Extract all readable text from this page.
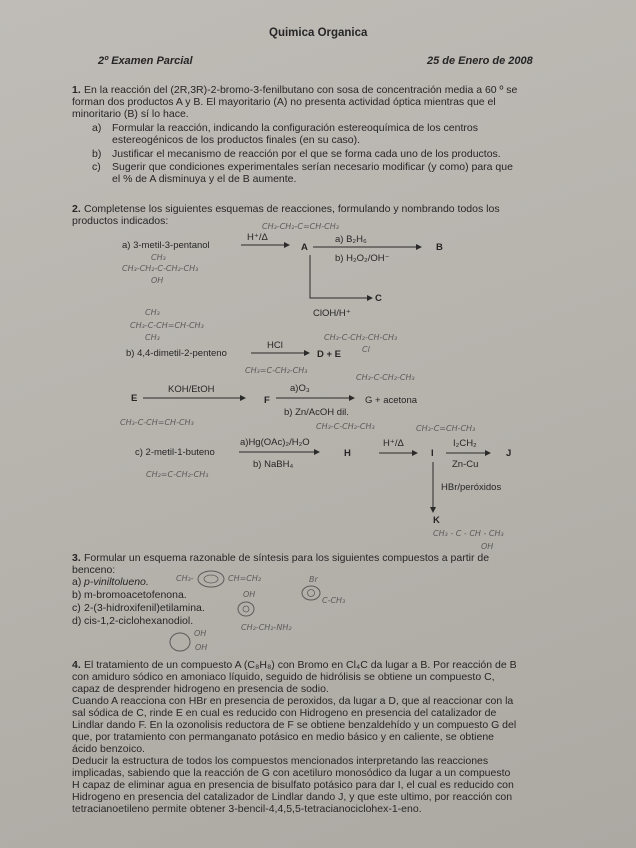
Quimica Organica
2º Examen Parcial	25 de Enero de 2008
1. En la reacción del (2R,3R)-2-bromo-3-fenilbutano con sosa de concentración media a 60 º se
forman dos productos A y B. El mayoritario (A) no presenta actividad óptica mientras que el
minoritario (B) sí lo hace.
a) Formular la reacción, indicando la configuración estereoquímica de los centros
estereogénicos de los productos finales (en su caso).
b) Justificar el mecanismo de reacción por el que se forma cada uno de los productos.
c) Sugerir que condiciones experimentales serían necesario modificar (y como) para que
el % de A disminuya y el de B aumente.
2. Completense los siguientes esquemas de reacciones, formulando y nombrando todos los
productos indicados:
a) 3-metil-3-pentanol
H⁺/Δ
→ A
a) B₂H₆
b) H₂O₂/OH⁻
B
C
ClOH/H⁺
CH₃-CH₂-C=CH-CH₃
CH₃
CH₃-CH₂-C-CH₂-CH₃
OH
CH₃
CH₃-C-CH=CH-CH₃
CH₃	CH₃-C-CH₂-CH-CH₃
Cl
b) 4,4-dimetil-2-penteno
HCl
→ D + E
CH₃=C-CH₂-CH₃
CH₃-C-CH₂-CH₃
KOH/EtOH
E	F
a)O₃
b) Zn/AcOH dil.
G + acetona
CH₃-C-CH=CH-CH₃	CH₃-C-CH₂-CH₃	CH₃-C=CH-CH₃
a)Hg(OAc)₂/H₂O
c) 2-metil-1-buteno
b) NaBH₄
H
H⁺/Δ
→ I
I₂CH₂
Zn-Cu
J
CH₂=C-CH₂-CH₃
HBr/peróxidos
K
CH₃ - C - CH - CH₃
OH
3. Formular un esquema razonable de síntesis para los siguientes compuestos a partir de
benceno:
a) p-viniltolueno.
b) m-bromoacetofenona.
c) 2-(3-hidroxifenil)etilamina.
d) cis-1,2-ciclohexanodiol.
CH₃-	CH=CH₂	Br
C-CH₃
OH
CH₂-CH₂-NH₂
OH
OH
4. El tratamiento de un compuesto A (C₈H₈) con Bromo en Cl₄C da lugar a B. Por reacción de B
con amiduro sódico en amoniaco líquido, seguido de hidrólisis se obtiene un compuesto C,
capaz de desprender hidrogeno en presencia de sodio.
Cuando A reacciona con HBr en presencia de peroxidos, da lugar a D, que al reaccionar con la
sal sódica de C, rinde E en cual es reducido con Hidrogeno en presencia del catalizador de
Lindlar dando F. En la ozonolisis reductora de F se obtiene benzaldehído y un compuesto G del
que, por tratamiento con permanganato potásico en medio básico y en caliente, se obtiene
ácido benzoico.
Deducir la estructura de todos los compuestos mencionados interpretando las reacciones
implicadas, sabiendo que la reacción de G con acetiluro monosódico da lugar a un compuesto
H capaz de eliminar agua en presencia de bisulfato potásico para dar I, el cual es reducido con
Hidrogeno en presencia del catalizador de Lindlar dando J, y que este ultimo, por reacción con
tetracianoetileno permite obtener 3-bencil-4,4,5,5-tetracianociclohex-1-eno.
